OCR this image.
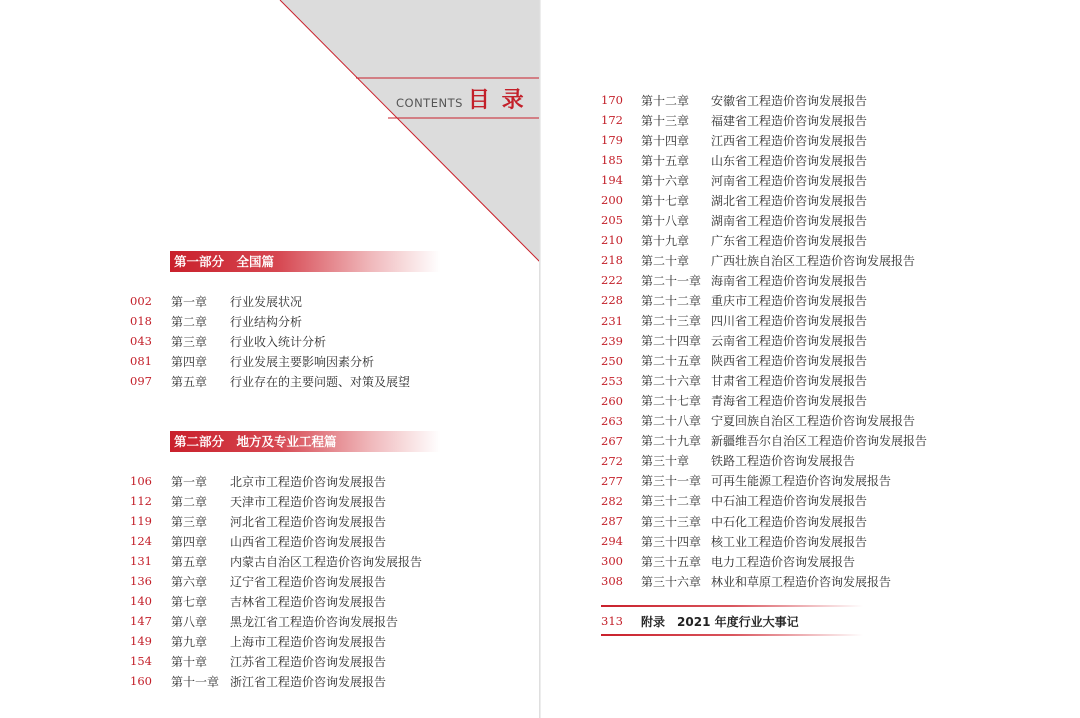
CONTENTS 目 录
第一部分　全国篇
002	第一章	行业发展状况
018	第二章	行业结构分析
043	第三章	行业收入统计分析
081	第四章	行业发展主要影响因素分析
097	第五章	行业存在的主要问题、对策及展望
第二部分　地方及专业工程篇
106	第一章	北京市工程造价咨询发展报告
112	第二章	天津市工程造价咨询发展报告
119	第三章	河北省工程造价咨询发展报告
124	第四章	山西省工程造价咨询发展报告
131	第五章	内蒙古自治区工程造价咨询发展报告
136	第六章	辽宁省工程造价咨询发展报告
140	第七章	吉林省工程造价咨询发展报告
147	第八章	黑龙江省工程造价咨询发展报告
149	第九章	上海市工程造价咨询发展报告
154	第十章	江苏省工程造价咨询发展报告
160	第十一章 浙江省工程造价咨询发展报告
170	第十二章	安徽省工程造价咨询发展报告
172	第十三章	福建省工程造价咨询发展报告
179	第十四章	江西省工程造价咨询发展报告
185	第十五章	山东省工程造价咨询发展报告
194	第十六章	河南省工程造价咨询发展报告
200	第十七章	湖北省工程造价咨询发展报告
205	第十八章	湖南省工程造价咨询发展报告
210	第十九章	广东省工程造价咨询发展报告
218	第二十章	广西壮族自治区工程造价咨询发展报告
222	第二十一章 海南省工程造价咨询发展报告
228	第二十二章 重庆市工程造价咨询发展报告
231	第二十三章 四川省工程造价咨询发展报告
239	第二十四章 云南省工程造价咨询发展报告
250	第二十五章 陕西省工程造价咨询发展报告
253	第二十六章 甘肃省工程造价咨询发展报告
260	第二十七章 青海省工程造价咨询发展报告
263	第二十八章 宁夏回族自治区工程造价咨询发展报告
267	第二十九章 新疆维吾尔自治区工程造价咨询发展报告
272	第三十章	铁路工程造价咨询发展报告
277	第三十一章 可再生能源工程造价咨询发展报告
282	第三十二章 中石油工程造价咨询发展报告
287	第三十三章 中石化工程造价咨询发展报告
294	第三十四章 核工业工程造价咨询发展报告
300	第三十五章 电力工程造价咨询发展报告
308	第三十六章 林业和草原工程造价咨询发展报告
313	附录 2021 年度行业大事记
